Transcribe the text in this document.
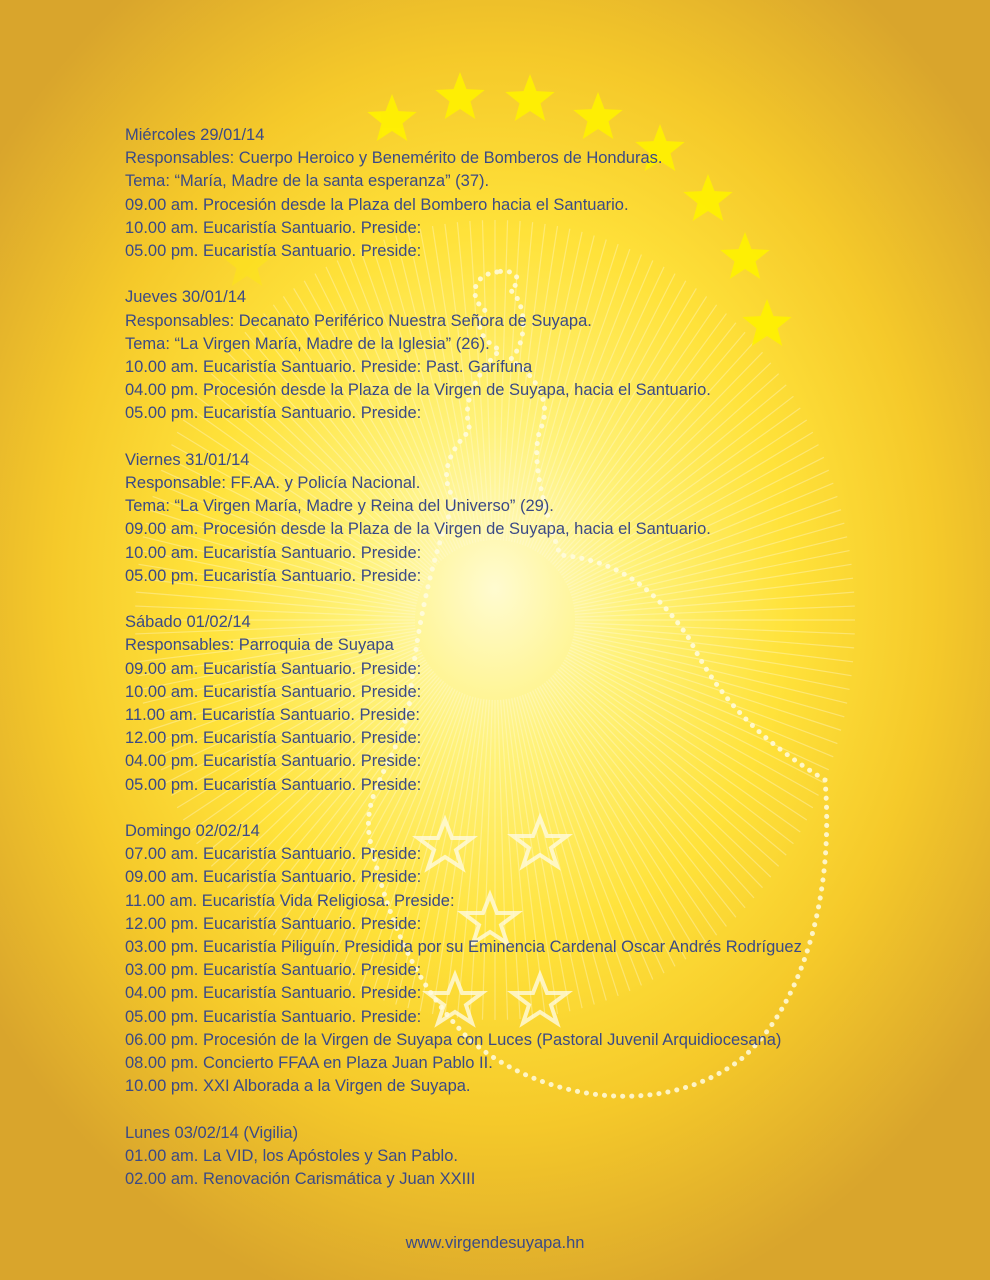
Miércoles 29/01/14
Responsables: Cuerpo Heroico y Benemérito de Bomberos de Honduras.
Tema: “María, Madre de la santa esperanza” (37).
09.00 am. Procesión desde la Plaza del Bombero hacia el Santuario.
10.00 am. Eucaristía Santuario. Preside:
05.00 pm. Eucaristía Santuario. Preside:
Jueves 30/01/14
Responsables: Decanato Periférico Nuestra Señora de Suyapa.
Tema: “La Virgen María, Madre de la Iglesia” (26).
10.00 am. Eucaristía Santuario. Preside: Past. Garífuna
04.00 pm. Procesión desde la Plaza de la Virgen de Suyapa, hacia el Santuario.
05.00 pm. Eucaristía Santuario. Preside:
Viernes 31/01/14
Responsable: FF.AA. y Policía Nacional.
Tema: “La Virgen María, Madre y Reina del Universo” (29).
09.00 am. Procesión desde la Plaza de la Virgen de Suyapa, hacia el Santuario.
10.00 am. Eucaristía Santuario. Preside:
05.00 pm. Eucaristía Santuario. Preside:
Sábado 01/02/14
Responsables: Parroquia de Suyapa
09.00 am. Eucaristía Santuario. Preside:
10.00 am. Eucaristía Santuario. Preside:
11.00 am. Eucaristía Santuario. Preside:
12.00 pm. Eucaristía Santuario. Preside:
04.00 pm. Eucaristía Santuario. Preside:
05.00 pm. Eucaristía Santuario. Preside:
Domingo 02/02/14
07.00 am. Eucaristía Santuario. Preside:
09.00 am. Eucaristía Santuario. Preside:
11.00 am. Eucaristía Vida Religiosa. Preside:
12.00 pm. Eucaristía Santuario. Preside:
03.00 pm. Eucaristía Piliguín. Presidida por su Eminencia Cardenal Oscar Andrés Rodríguez
03.00 pm. Eucaristía Santuario. Preside:
04.00 pm. Eucaristía Santuario. Preside:
05.00 pm. Eucaristía Santuario. Preside:
06.00 pm. Procesión de la Virgen de Suyapa con Luces (Pastoral Juvenil Arquidiocesana)
08.00 pm. Concierto FFAA en Plaza Juan Pablo II.
10.00 pm. XXI Alborada a la Virgen de Suyapa.
Lunes 03/02/14 (Vigilia)
01.00 am. La VID, los Apóstoles y San Pablo.
02.00 am. Renovación Carismática y Juan XXIII
www.virgendesuyapa.hn
